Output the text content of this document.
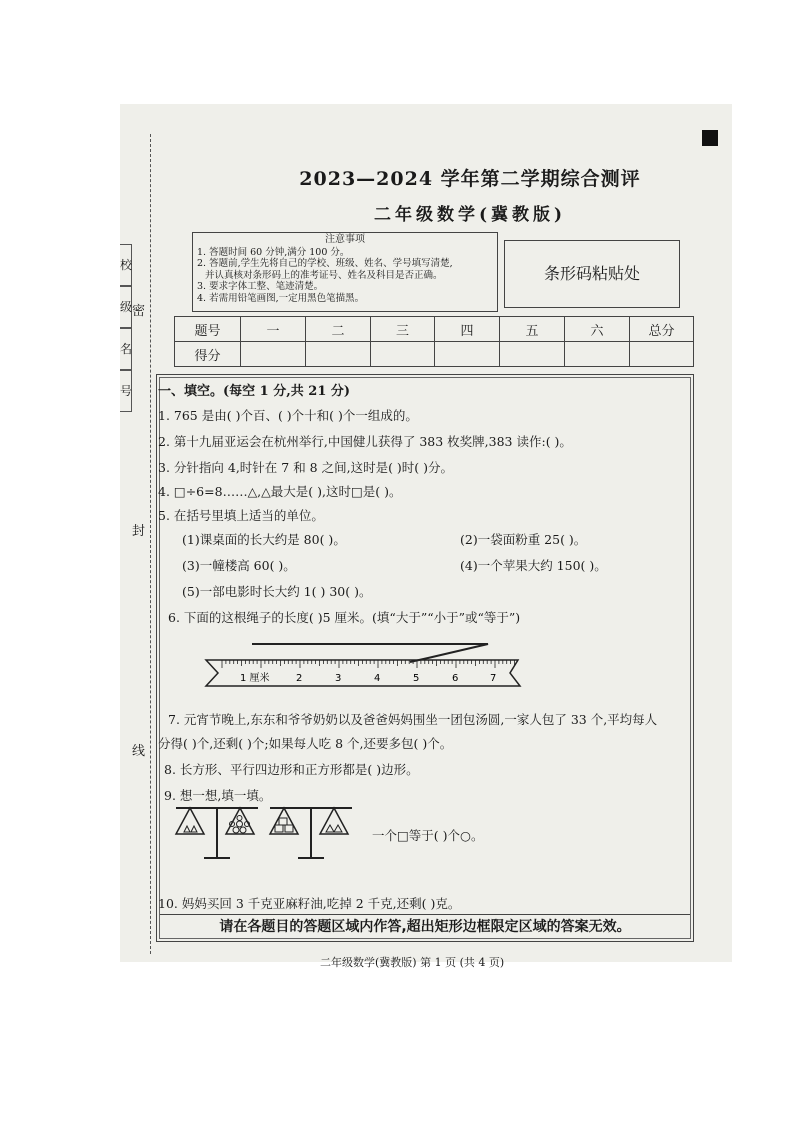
校
级
名
号
密
封
线
2023—2024 学年第二学期综合测评
二年级数学(冀教版)
注意事项
1. 答题时间 60 分钟,满分 100 分。
2. 答题前,学生先将自己的学校、班级、姓名、学号填写清楚,
并认真核对条形码上的准考证号、姓名及科目是否正确。
3. 要求字体工整、笔迹清楚。
4. 若需用铅笔画图,一定用黑色笔描黑。
条形码粘贴处
题号	一	二	三	四	五	六	总分
得分							
一、填空。(每空 1 分,共 21 分)
1. 765 是由( )个百、( )个十和( )个一组成的。
2. 第十九届亚运会在杭州举行,中国健儿获得了 383 枚奖牌,383 读作:( )。
3. 分针指向 4,时针在 7 和 8 之间,这时是( )时( )分。
4. □÷6=8……△,△最大是( ),这时□是( )。
5. 在括号里填上适当的单位。
(1)课桌面的长大约是 80( )。	(2)一袋面粉重 25( )。
(3)一幢楼高 60( )。	(4)一个苹果大约 150( )。
(5)一部电影时长大约 1( ) 30( )。
6. 下面的这根绳子的长度( )5 厘米。(填“大于”“小于”或“等于”)
7. 元宵节晚上,东东和爷爷奶奶以及爸爸妈妈围坐一团包汤圆,一家人包了 33 个,平均每人
分得( )个,还剩( )个;如果每人吃 8 个,还要多包( )个。
8. 长方形、平行四边形和正方形都是( )边形。
9. 想一想,填一填。
一个□等于( )个○。
10. 妈妈买回 3 千克亚麻籽油,吃掉 2 千克,还剩( )克。
请在各题目的答题区域内作答,超出矩形边框限定区域的答案无效。
1 厘米	2	3	4	5	6	7
二年级数学(冀教版) 第 1 页 (共 4 页)
